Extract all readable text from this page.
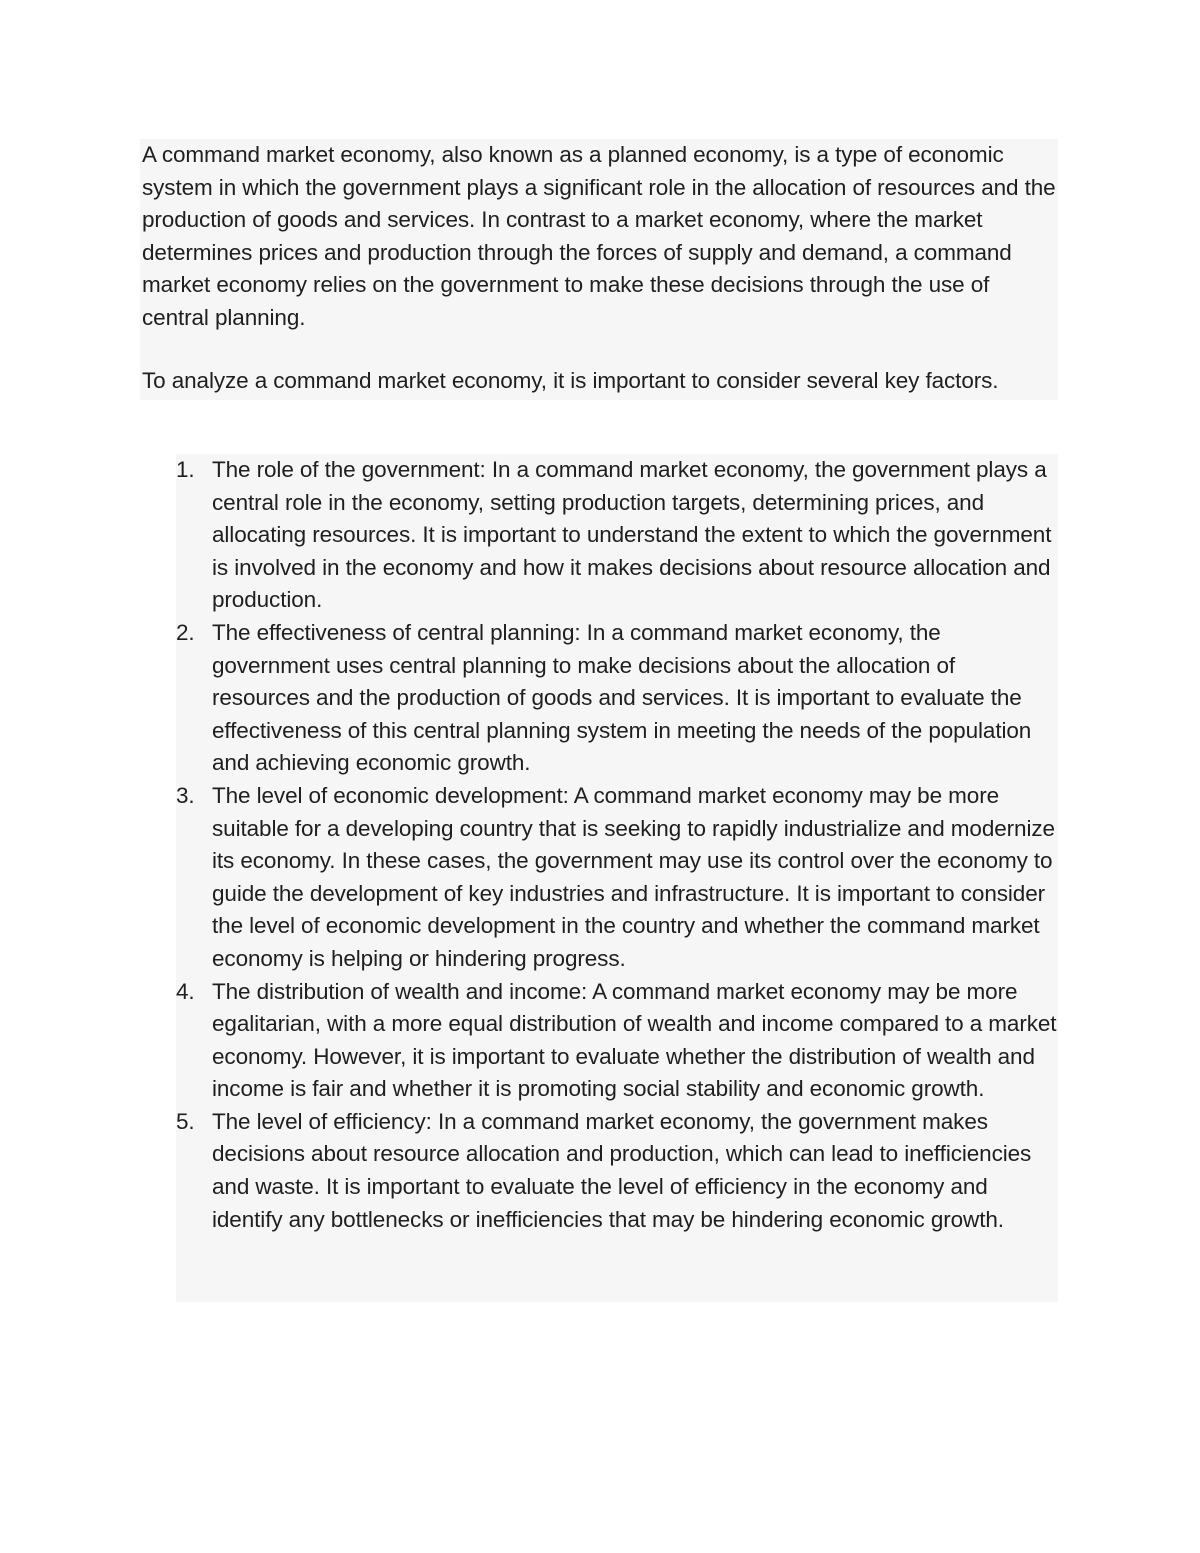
A command market economy, also known as a planned economy, is a type of economic system in which the government plays a significant role in the allocation of resources and the production of goods and services. In contrast to a market economy, where the market determines prices and production through the forces of supply and demand, a command market economy relies on the government to make these decisions through the use of central planning.

To analyze a command market economy, it is important to consider several key factors.

1. The role of the government: In a command market economy, the government plays a central role in the economy, setting production targets, determining prices, and allocating resources. It is important to understand the extent to which the government is involved in the economy and how it makes decisions about resource allocation and production.
2. The effectiveness of central planning: In a command market economy, the government uses central planning to make decisions about the allocation of resources and the production of goods and services. It is important to evaluate the effectiveness of this central planning system in meeting the needs of the population and achieving economic growth.
3. The level of economic development: A command market economy may be more suitable for a developing country that is seeking to rapidly industrialize and modernize its economy. In these cases, the government may use its control over the economy to guide the development of key industries and infrastructure. It is important to consider the level of economic development in the country and whether the command market economy is helping or hindering progress.
4. The distribution of wealth and income: A command market economy may be more egalitarian, with a more equal distribution of wealth and income compared to a market economy. However, it is important to evaluate whether the distribution of wealth and income is fair and whether it is promoting social stability and economic growth.
5. The level of efficiency: In a command market economy, the government makes decisions about resource allocation and production, which can lead to inefficiencies and waste. It is important to evaluate the level of efficiency in the economy and identify any bottlenecks or inefficiencies that may be hindering economic growth.
